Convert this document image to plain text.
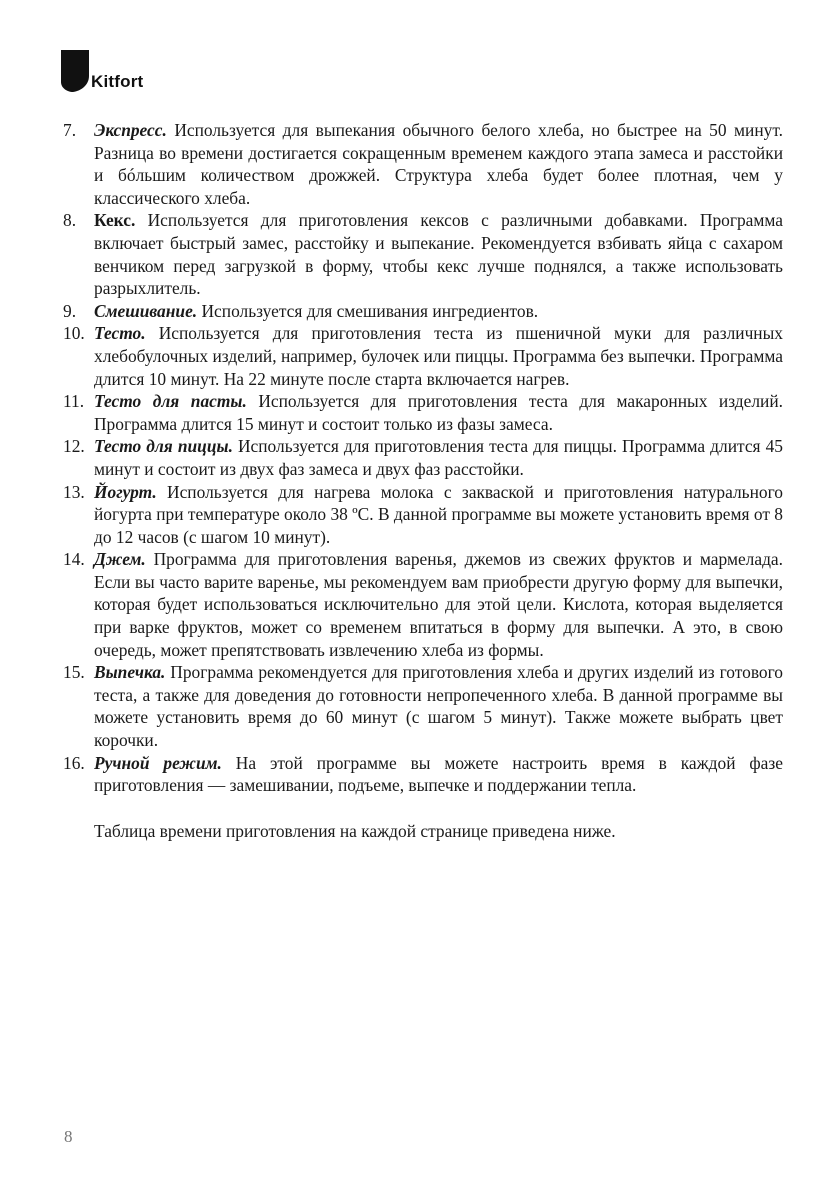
Kitfort
7. Экспресс. Используется для выпекания обычного белого хлеба, но быстрее на 50 минут. Разница во времени достигается сокращенным временем каждого этапа замеса и расстойки и бóльшим количеством дрожжей. Структура хлеба будет более плотная, чем у классического хлеба.
8. Кекс. Используется для приготовления кексов с различными добавками. Программа включает быстрый замес, расстойку и выпекание. Рекомендуется взбивать яйца с сахаром венчиком перед загрузкой в форму, чтобы кекс лучше поднялся, а также использовать разрыхлитель.
9. Смешивание. Используется для смешивания ингредиентов.
10. Тесто. Используется для приготовления теста из пшеничной муки для различных хлебобулочных изделий, например, булочек или пиццы. Программа без выпечки. Программа длится 10 минут. На 22 минуте после старта включается нагрев.
11. Тесто для пасты. Используется для приготовления теста для макаронных изделий. Программа длится 15 минут и состоит только из фазы замеса.
12. Тесто для пиццы. Используется для приготовления теста для пиццы. Программа длится 45 минут и состоит из двух фаз замеса и двух фаз расстойки.
13. Йогурт. Используется для нагрева молока с закваской и приготовления натурального йогурта при температуре около 38 ºС. В данной программе вы можете установить время от 8 до 12 часов (с шагом 10 минут).
14. Джем. Программа для приготовления варенья, джемов из свежих фруктов и мармелада. Если вы часто варите варенье, мы рекомендуем вам приобрести другую форму для выпечки, которая будет использоваться исключительно для этой цели. Кислота, которая выделяется при варке фруктов, может со временем впитаться в форму для выпечки. А это, в свою очередь, может препятствовать извлечению хлеба из формы.
15. Выпечка. Программа рекомендуется для приготовления хлеба и других изделий из готового теста, а также для доведения до готовности непропеченного хлеба. В данной программе вы можете установить время до 60 минут (с шагом 5 минут). Также можете выбрать цвет корочки.
16. Ручной режим. На этой программе вы можете настроить время в каждой фазе приготовления — замешивании, подъеме, выпечке и поддержании тепла.
Таблица времени приготовления на каждой странице приведена ниже.
8
